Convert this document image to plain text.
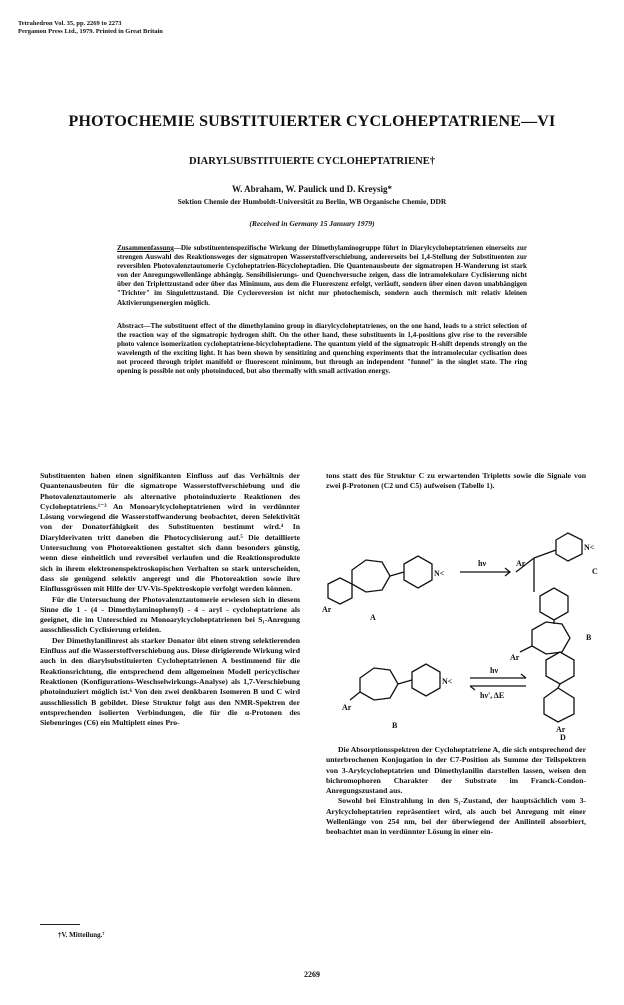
Tetrahedron Vol. 35, pp. 2269 to 2273
Pergamon Press Ltd., 1979. Printed in Great Britain
PHOTOCHEMIE SUBSTITUIERTER CYCLOHEPTATRIENE—VI
DIARYLSUBSTITUIERTE CYCLOHEPTATRIENE†
W. Abraham, W. Paulick und D. Kreysig*
Sektion Chemie der Humboldt-Universität zu Berlin, WB Organische Chemie, DDR
(Received in Germany 15 January 1979)
Zusammenfassung—Die substituentenspezifische Wirkung der Dimethylaminogruppe führt in Diarylcycloheptatrienen einerseits zur strengen Auswahl des Reaktionsweges der sigmatropen Wasserstoffverschiebung, andererseits bei 1,4-Stellung der Substituenten zur reversiblen Photovalenztautomerie Cycloheptatrien-Bicycloheptadien. Die Quantenausbeute der sigmatropen H-Wanderung ist stark von der Anregungswellenlänge abhängig. Sensibilisierungs- und Quenchversuche zeigen, dass die intramolekulare Cyclisierung nicht über den Triplettzustand oder über das Minimum, aus dem die Fluoreszenz erfolgt, verläuft, sondern über einen davon unabhängigen "Trichter" im Singulettzustand. Die Cycloreversion ist nicht nur photochemisch, sondern auch thermisch mit relativ kleinen Aktivierungsenergien möglich.
Abstract—The substituent effect of the dimethylamino group in diarylcycloheptatrienes, on the one hand, leads to a strict selection of the reaction way of the sigmatropic hydrogen shift. On the other hand, these substituents in 1,4-positions give rise to the reversible photo valence isomerization cycloheptatriene-bicycloheptadiene. The quantum yield of the sigmatropic H-shift depends strongly on the wavelength of the exciting light. It has been shown by sensitizing and quenching experiments that the intramolecular cyclisation does not proceed through triplet manifold or fluorescent minimum, but through an independent "funnel" in the singlet state. The ring opening is possible not only photoinduced, but also thermally with small activation energy.

Substituenten haben einen signifikanten Einfluss auf das Verhältnis der Quantenausbeuten für die sigmatrope Wasserstoffverschiebung und die Photovalenztautomerie als alternative photoinduzierte Reaktionen des Cycloheptatriens.¹⁻³ An Monoarylcycloheptatrienen wird in verdünnter Lösung vorwiegend die Wasserstoffwanderung beobachtet, deren Selektivität von der Donatorfähigkeit des Substituenten bestimmt wird.⁴ In Diarylderivaten tritt daneben die Photocyclisierung auf.⁵ Die detaillierte Untersuchung von Photoreaktionen gestaltet sich dann besonders günstig, wenn diese einheitlich und reversibel verlaufen und die Reaktionsprodukte sich in ihrem elektronenspektroskopischen Verhalten so stark unterscheiden, dass sie genügend selektiv angeregt und die Photoreaktion sowie ihre Einflussgrössen mit Hilfe der UV-Vis-Spektroskopie verfolgt werden können.

Für die Untersuchung der Photovalenztautomerie erwiesen sich in diesem Sinne die 1 - (4 - Dimethylaminophenyl) - 4 - aryl - cycloheptatriene als geeignet, die im Unterschied zu Monoarylcycloheptatrienen bei S₁-Anregung ausschliesslich Cyclisierung erleiden.

Der Dimethylanilinrest als starker Donator übt einen streng selektierenden Einfluss auf die Wasserstoffverschiebung aus. Diese dirigierende Wirkung wird auch in den diarylsubstituierten Cycloheptatrienen A bestimmend für die Reaktionsrichtung, die entsprechend dem allgemeinen Modell pericyclischer Reaktionen (Konfigurations-Weschselwirkungs-Analyse) als 1,7-Verschiebung photoinduziert möglich ist.⁶ Von den zwei denkbaren Isomeren B und C wird ausschliesslich B gebildet. Diese Struktur folgt aus den NMR-Spektren der entsprechenden isolierten Verbindungen, die für die α-Protonen des Siebenringes (C6) ein Multiplett eines Pro-

tons statt des für Struktur C zu erwartenden Tripletts sowie die Signale von zwei β-Protonen (C2 und C5) aufweisen (Tabelle 1).

N<
N<
N<
hν
hν
hν', ΔE
Ar
Ar
Ar
Ar
Ar
A
C
B
B
D

Die Absorptionsspektren der Cycloheptatriene A, die sich entsprechend der unterbrochenen Konjugation in der C7-Position als Summe der Teilspektren von 3-Arylcycloheptatrien und Dimethylanilin darstellen lassen, weisen den bichromophoren Charakter der Substrate im Franck-Condon-Anregungszustand aus.

Sowohl bei Einstrahlung in den S₁-Zustand, der hauptsächlich vom 3-Arylcycloheptatrien repräsentiert wird, als auch bei Anregung mit einer Wellenlänge von 254 nm, bei der überwiegend der Anilinteil absorbiert, beobachtet man in verdünnter Lösung in einer ein-

†V. Mitteilung.⁷
2269
